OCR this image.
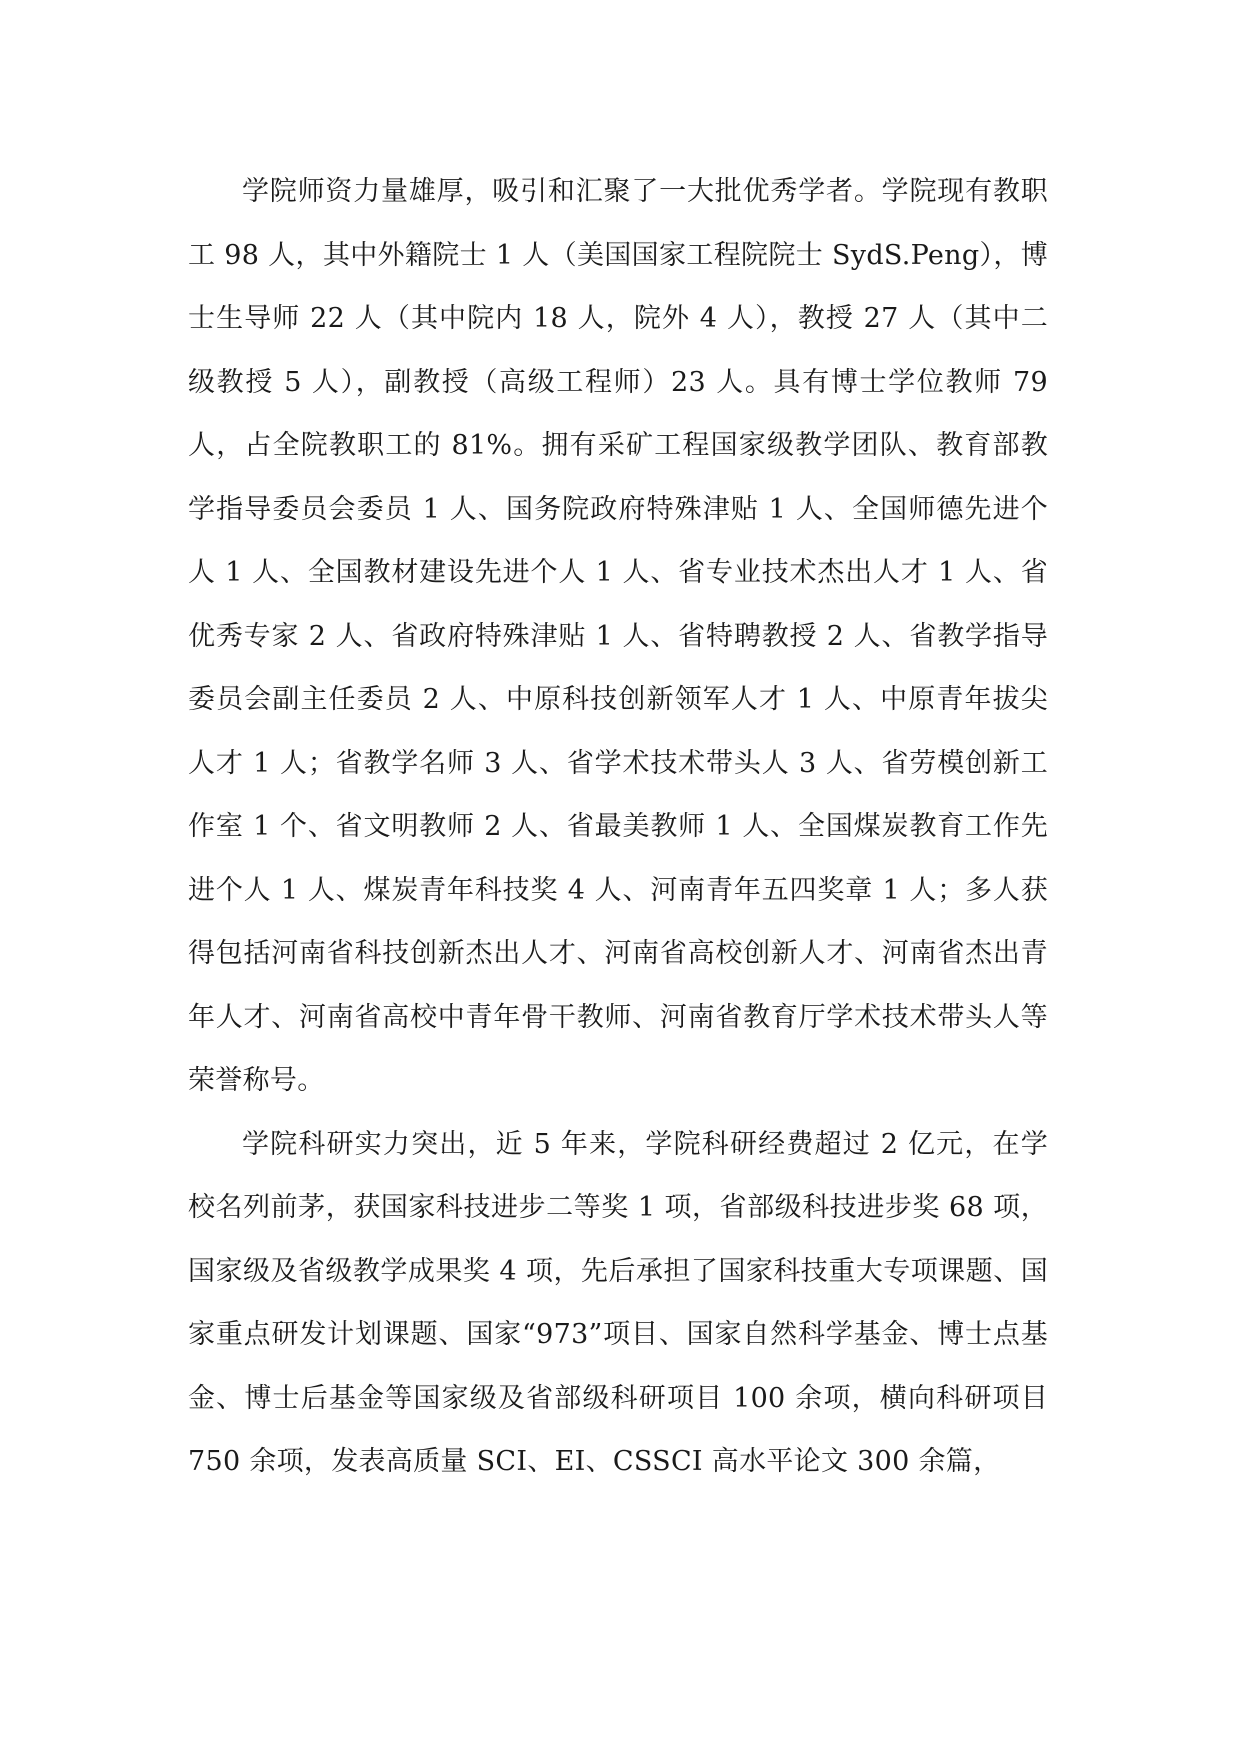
学院师资力量雄厚，吸引和汇聚了一大批优秀学者。学院现有教职工 98 人，其中外籍院士 1 人（美国国家工程院院士 SydS.Peng），博士生导师 22 人（其中院内 18 人，院外 4 人），教授 27 人（其中二级教授 5 人），副教授（高级工程师）23 人。具有博士学位教师 79 人，占全院教职工的 81%。拥有采矿工程国家级教学团队、教育部教学指导委员会委员 1 人、国务院政府特殊津贴 1 人、全国师德先进个人 1 人、全国教材建设先进个人 1 人、省专业技术杰出人才 1 人、省优秀专家 2 人、省政府特殊津贴 1 人、省特聘教授 2 人、省教学指导委员会副主任委员 2 人、中原科技创新领军人才 1 人、中原青年拔尖人才 1 人；省教学名师 3 人、省学术技术带头人 3 人、省劳模创新工作室 1 个、省文明教师 2 人、省最美教师 1 人、全国煤炭教育工作先进个人 1 人、煤炭青年科技奖 4 人、河南青年五四奖章 1 人；多人获得包括河南省科技创新杰出人才、河南省高校创新人才、河南省杰出青年人才、河南省高校中青年骨干教师、河南省教育厅学术技术带头人等荣誉称号。

学院科研实力突出，近 5 年来，学院科研经费超过 2 亿元，在学校名列前茅，获国家科技进步二等奖 1 项，省部级科技进步奖 68 项，国家级及省级教学成果奖 4 项，先后承担了国家科技重大专项课题、国家重点研发计划课题、国家“973”项目、国家自然科学基金、博士点基金、博士后基金等国家级及省部级科研项目 100 余项，横向科研项目 750 余项，发表高质量 SCI、EI、CSSCI 高水平论文 300 余篇，
